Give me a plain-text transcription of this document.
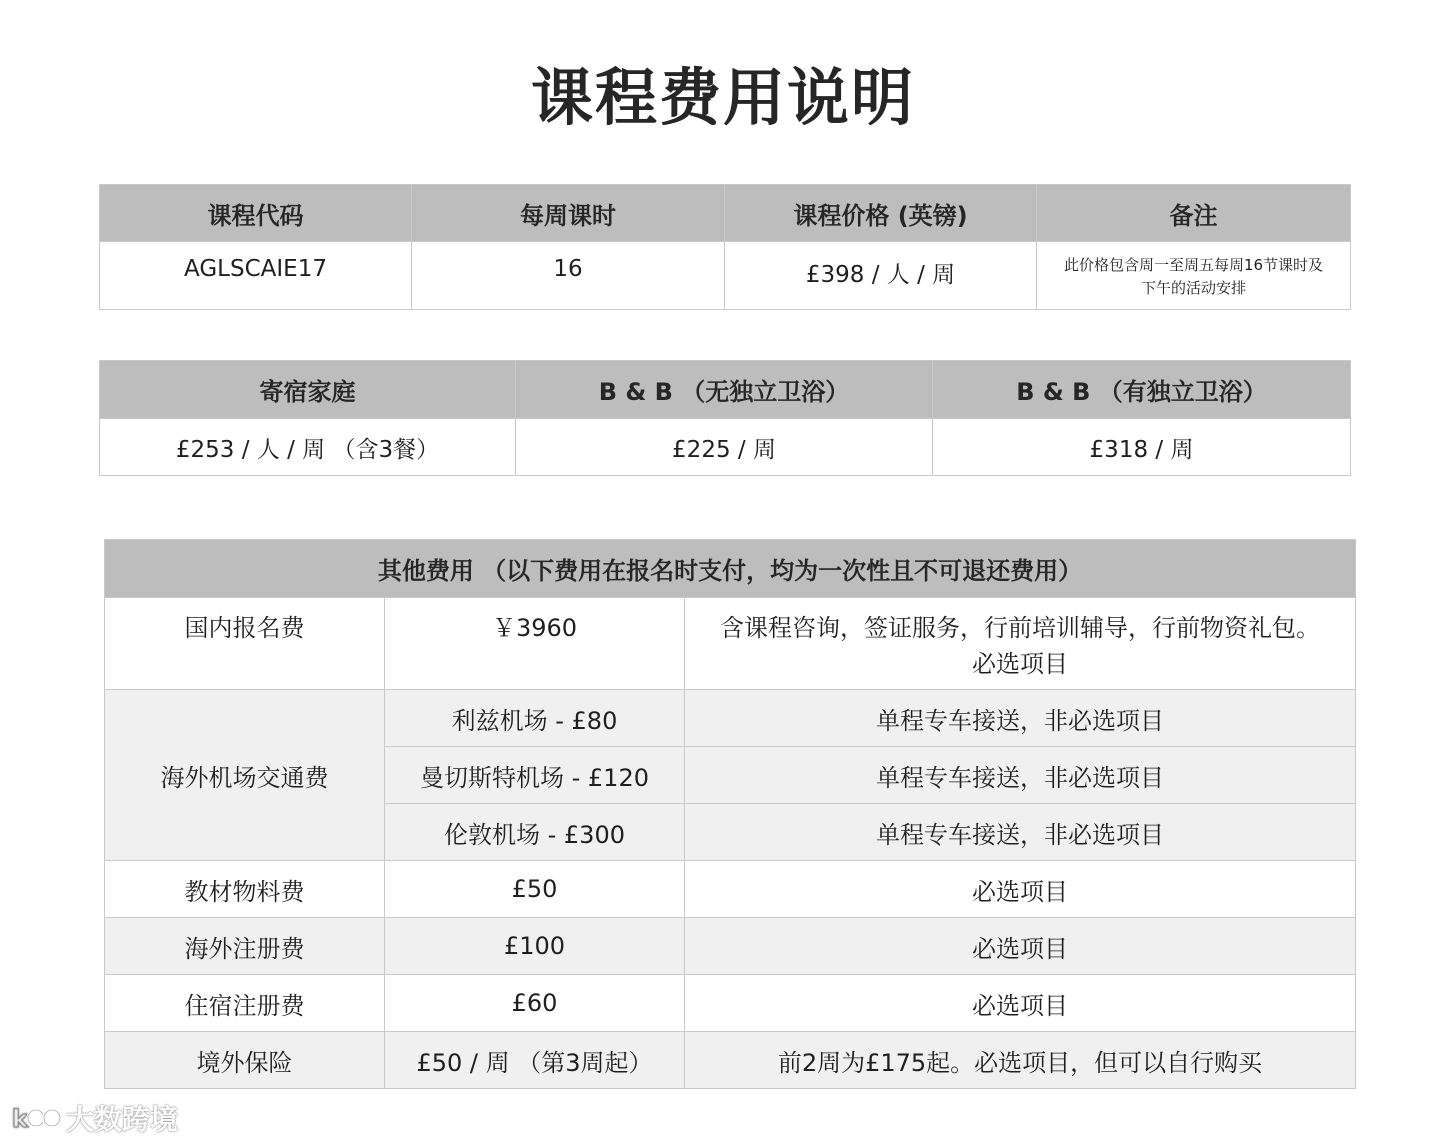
课程费用说明
课程代码	每周课时	课程价格 (英镑)	备注
AGLSCAIE17	16	£398 / 人 / 周	此价格包含周一至周五每周16节课时及
下午的活动安排
寄宿家庭	B & B （无独立卫浴）	B & B （有独立卫浴）
£253 / 人 / 周 （含3餐）	£225 / 周	£318 / 周
其他费用 （以下费用在报名时支付，均为一次性且不可退还费用）		
国内报名费	￥3960	含课程咨询，签证服务，行前培训辅导，行前物资礼包。
必选项目

海外机场交通费	利兹机场 - £80	单程专车接送，非必选项目
	曼切斯特机场 - £120	单程专车接送，非必选项目
	伦敦机场 - £300	单程专车接送，非必选项目
教材物料费	£50	必选项目
海外注册费	£100	必选项目
住宿注册费	£60	必选项目
境外保险	£50 / 周 （第3周起）	前2周为£175起。必选项目，但可以自行购买
k 大数跨境
